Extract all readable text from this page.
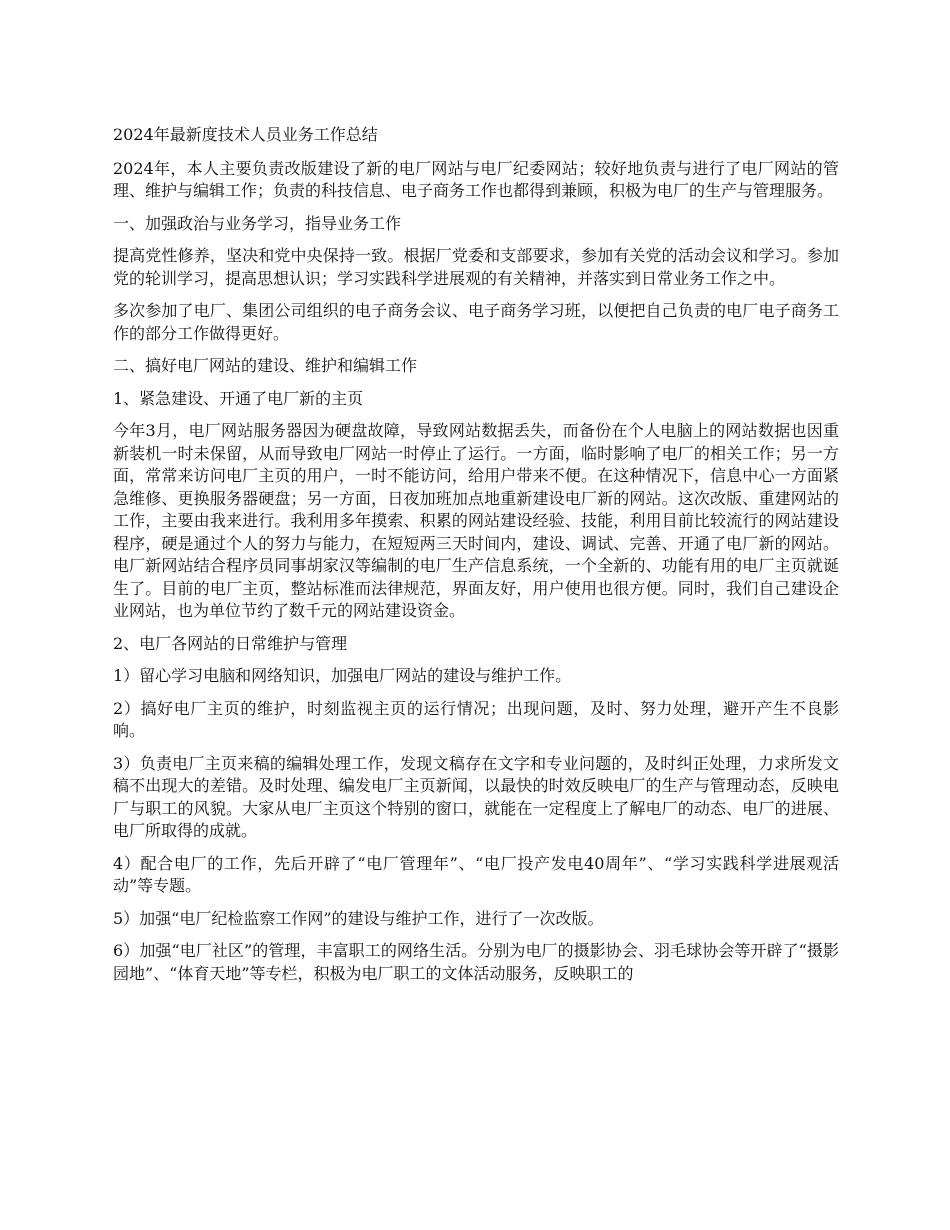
2024年最新度技术人员业务工作总结

2024年，本人主要负责改版建设了新的电厂网站与电厂纪委网站；较好地负责与进行了电厂网站的管理、维护与编辑工作；负责的科技信息、电子商务工作也都得到兼顾，积极为电厂的生产与管理服务。

一、加强政治与业务学习，指导业务工作

提高党性修养，坚决和党中央保持一致。根据厂党委和支部要求，参加有关党的活动会议和学习。参加党的轮训学习，提高思想认识；学习实践科学进展观的有关精神，并落实到日常业务工作之中。

多次参加了电厂、集团公司组织的电子商务会议、电子商务学习班，以便把自己负责的电厂电子商务工作的部分工作做得更好。

二、搞好电厂网站的建设、维护和编辑工作

1、紧急建设、开通了电厂新的主页

今年3月，电厂网站服务器因为硬盘故障，导致网站数据丢失，而备份在个人电脑上的网站数据也因重新装机一时未保留，从而导致电厂网站一时停止了运行。一方面，临时影响了电厂的相关工作；另一方面，常常来访问电厂主页的用户，一时不能访问，给用户带来不便。在这种情况下，信息中心一方面紧急维修、更换服务器硬盘；另一方面，日夜加班加点地重新建设电厂新的网站。这次改版、重建网站的工作，主要由我来进行。我利用多年摸索、积累的网站建设经验、技能，利用目前比较流行的网站建设程序，硬是通过个人的努力与能力，在短短两三天时间内，建设、调试、完善、开通了电厂新的网站。电厂新网站结合程序员同事胡家汉等编制的电厂生产信息系统，一个全新的、功能有用的电厂主页就诞生了。目前的电厂主页，整站标准而法律规范，界面友好，用户使用也很方便。同时，我们自己建设企业网站，也为单位节约了数千元的网站建设资金。

2、电厂各网站的日常维护与管理

1）留心学习电脑和网络知识，加强电厂网站的建设与维护工作。

2）搞好电厂主页的维护，时刻监视主页的运行情况；出现问题，及时、努力处理，避开产生不良影响。

3）负责电厂主页来稿的编辑处理工作，发现文稿存在文字和专业问题的，及时纠正处理，力求所发文稿不出现大的差错。及时处理、编发电厂主页新闻，以最快的时效反映电厂的生产与管理动态，反映电厂与职工的风貌。大家从电厂主页这个特别的窗口，就能在一定程度上了解电厂的动态、电厂的进展、电厂所取得的成就。

4）配合电厂的工作，先后开辟了“电厂管理年”、“电厂投产发电40周年”、“学习实践科学进展观活动”等专题。

5）加强“电厂纪检监察工作网”的建设与维护工作，进行了一次改版。

6）加强“电厂社区”的管理，丰富职工的网络生活。分别为电厂的摄影协会、羽毛球协会等开辟了“摄影园地”、“体育天地”等专栏，积极为电厂职工的文体活动服务，反映职工的
